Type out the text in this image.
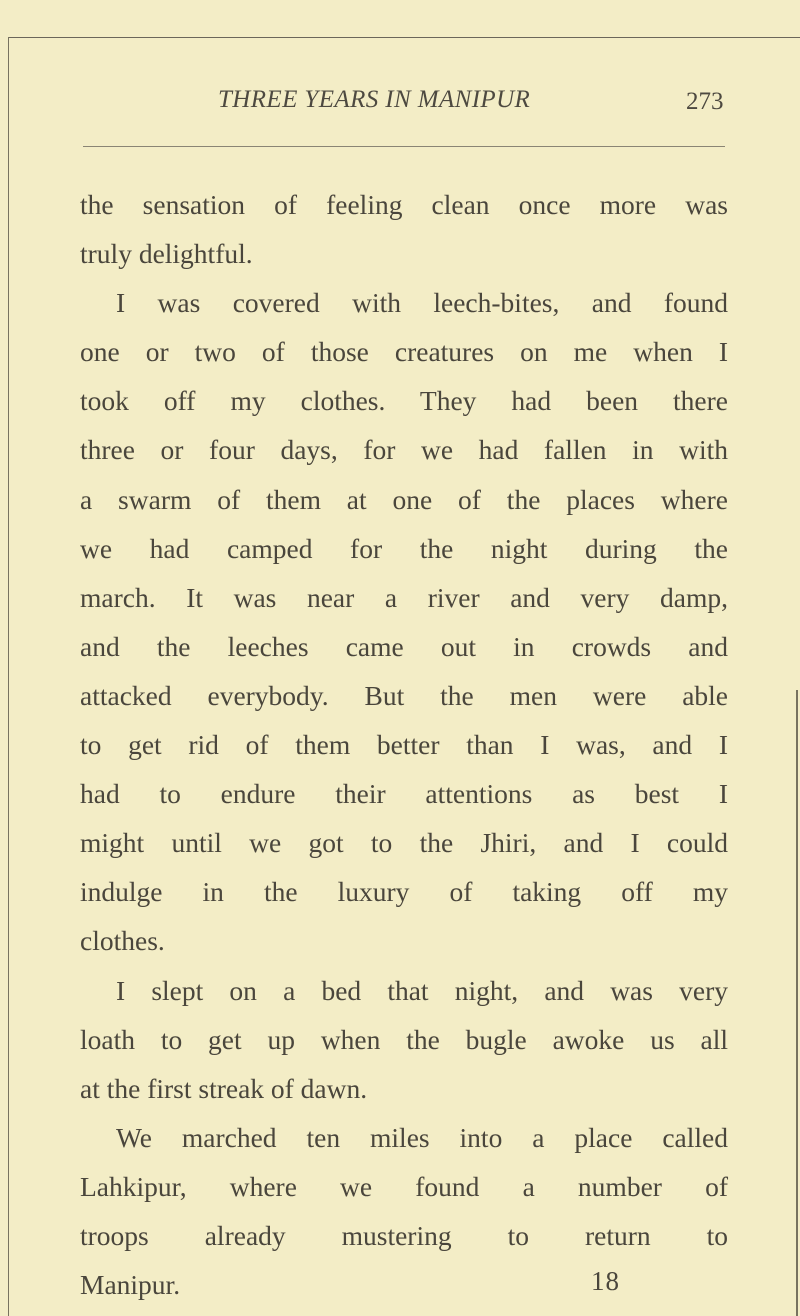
THREE YEARS IN MANIPUR	273
the sensation of feeling clean once more was
truly delightful.
I was covered with leech-bites, and found
one or two of those creatures on me when I
took off my clothes. They had been there
three or four days, for we had fallen in with
a swarm of them at one of the places where
we had camped for the night during the
march. It was near a river and very damp,
and the leeches came out in crowds and
attacked everybody. But the men were able
to get rid of them better than I was, and I
had to endure their attentions as best I
might until we got to the Jhiri, and I could
indulge in the luxury of taking off my
clothes.
I slept on a bed that night, and was very
loath to get up when the bugle awoke us all
at the first streak of dawn.
We marched ten miles into a place called
Lahkipur, where we found a number of
troops already mustering to return to
Manipur.	18
